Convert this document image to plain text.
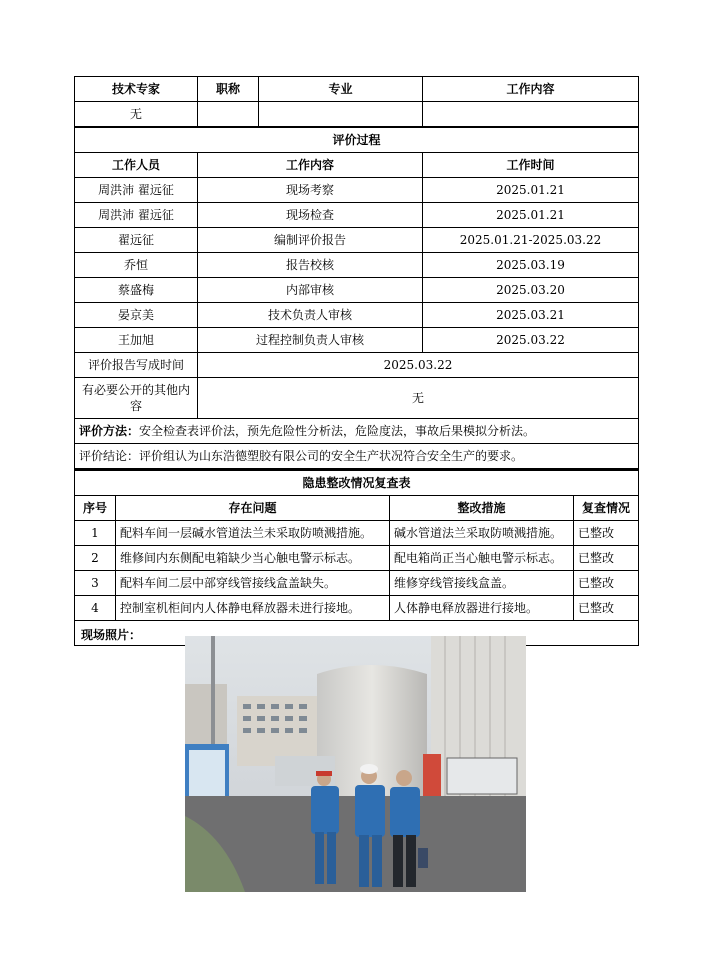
技术专家	职称	专业	工作内容
无			
评价过程		
工作人员	工作内容	工作时间
周洪沛 翟远征	现场考察	2025.01.21
周洪沛 翟远征	现场检查	2025.01.21
翟远征	编制评价报告	2025.01.21-2025.03.22
乔恒	报告校核	2025.03.19
蔡盛梅	内部审核	2025.03.20
晏京美	技术负责人审核	2025.03.21
王加旭	过程控制负责人审核	2025.03.22
评价报告写成时间	2025.03.22	
有必要公开的其他内容	无	
评价方法：安全检查表评价法，预先危险性分析法，危险度法，事故后果模拟分析法。		
评价结论：评价组认为山东浩德塑胶有限公司的安全生产状况符合安全生产的要求。		
隐患整改情况复查表			
序号	存在问题	整改措施	复查情况
1	配料车间一层碱水管道法兰未采取防喷溅措施。	碱水管道法兰采取防喷溅措施。	已整改
2	维修间内东侧配电箱缺少当心触电警示标志。	配电箱尚正当心触电警示标志。	已整改
3	配料车间二层中部穿线管接线盒盖缺失。	维修穿线管接线盒盖。	已整改
4	控制室机柜间内人体静电释放器未进行接地。	人体静电释放器进行接地。	已整改

现场照片：			
